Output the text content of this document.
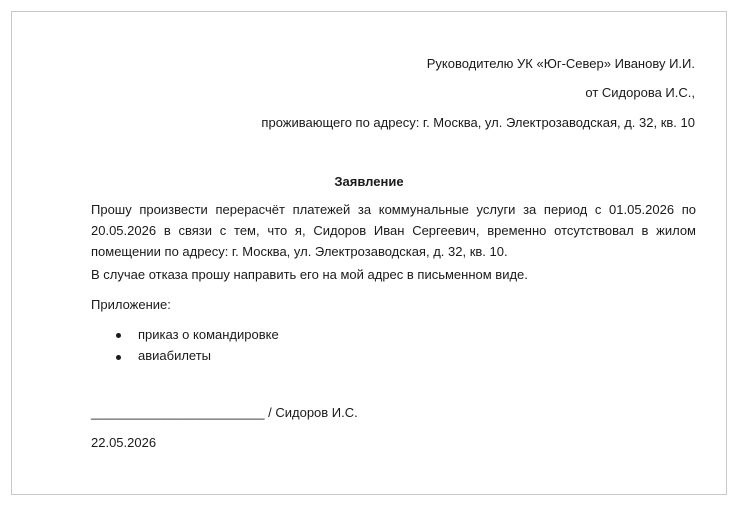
Руководителю УК «Юг-Север» Иванову И.И.
от Сидорова И.С.,
проживающего по адресу: г. Москва, ул. Электрозаводская, д. 32, кв. 10
Заявление
Прошу произвести перерасчёт платежей за коммунальные услуги за период с 01.05.2026 по 20.05.2026 в связи с тем, что я, Сидоров Иван Сергеевич, временно отсутствовал в жилом помещении по адресу: г. Москва, ул. Электрозаводская, д. 32, кв. 10.
В случае отказа прошу направить его на мой адрес в письменном виде.
Приложение:
приказ о командировке
авиабилеты
________________________ / Сидоров И.С.
22.05.2026
